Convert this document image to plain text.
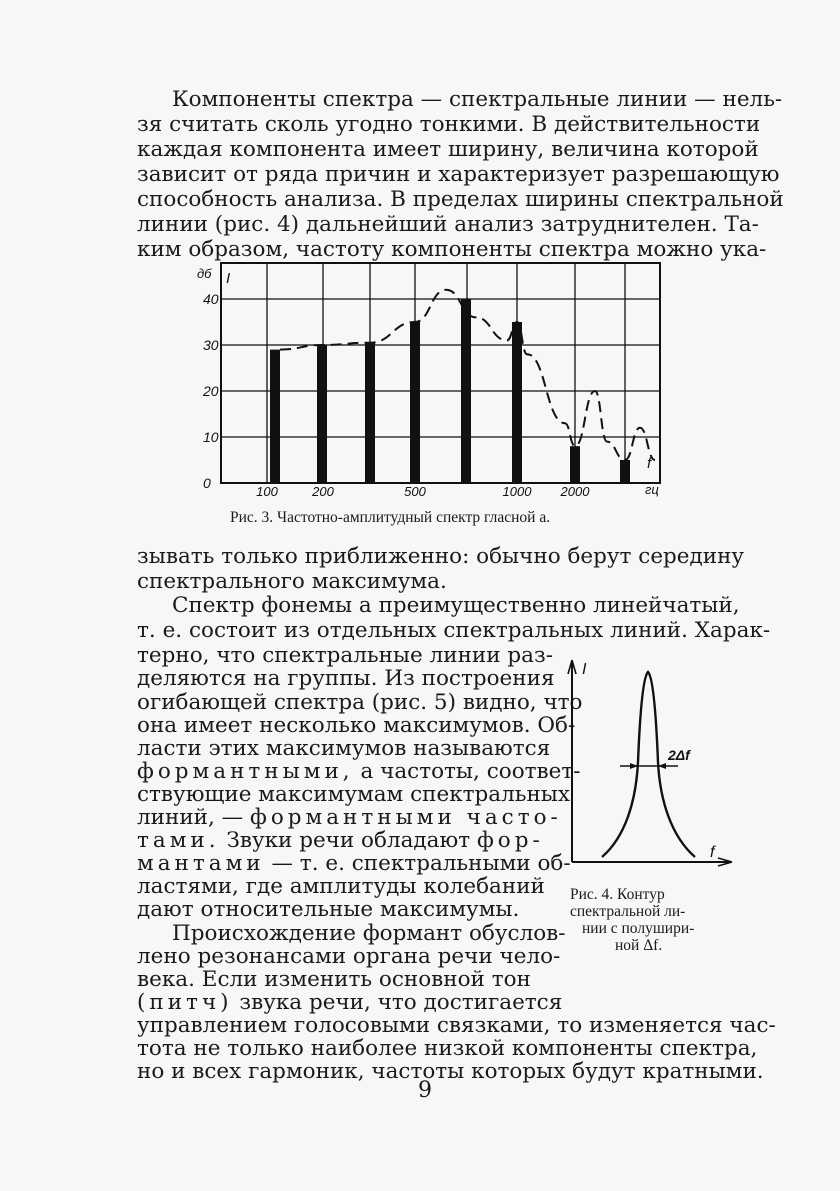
Компоненты спектра — спектральные линии — нель-
зя считать сколь угодно тонкими. В действительности
каждая компонента имеет ширину, величина которой
зависит от ряда причин и характеризует разрешающую
способность анализа. В пределах ширины спектральной
линии (рис. 4) дальнейший анализ затруднителен. Та-
ким образом, частоту компоненты спектра можно ука-
дб I
f
гц
0
10
20
30
40
100	200	500	1000 2000
Рис. 3. Частотно-амплитудный спектр гласной а.
зывать только приближенно: обычно берут середину
спектрального максимума.
Спектр фонемы а преимущественно линейчатый,
т. е. состоит из отдельных спектральных линий. Харак-
терно, что спектральные линии раз-
деляются на группы. Из построения
огибающей спектра (рис. 5) видно, что
она имеет несколько максимумов. Об-
ласти этих максимумов называются
формантными, а частоты, соответ-
ствующие максимумам спектральных
линий, — формантными часто-
тами. Звуки речи обладают фор-
мантами — т. е. спектральными об-
ластями, где амплитуды колебаний
дают относительные максимумы.
Происхождение формант обуслов-
лено резонансами органа речи чело-
века. Если изменить основной тон
(питч) звука речи, что достигается
управлением голосовыми связками, то изменяется час-
тота не только наиболее низкой компоненты спектра,
но и всех гармоник, частоты которых будут кратными.
I
f
2Δf
Рис. 4. Контур
спектральной ли-
нии с полушири-
ной Δf.
9
